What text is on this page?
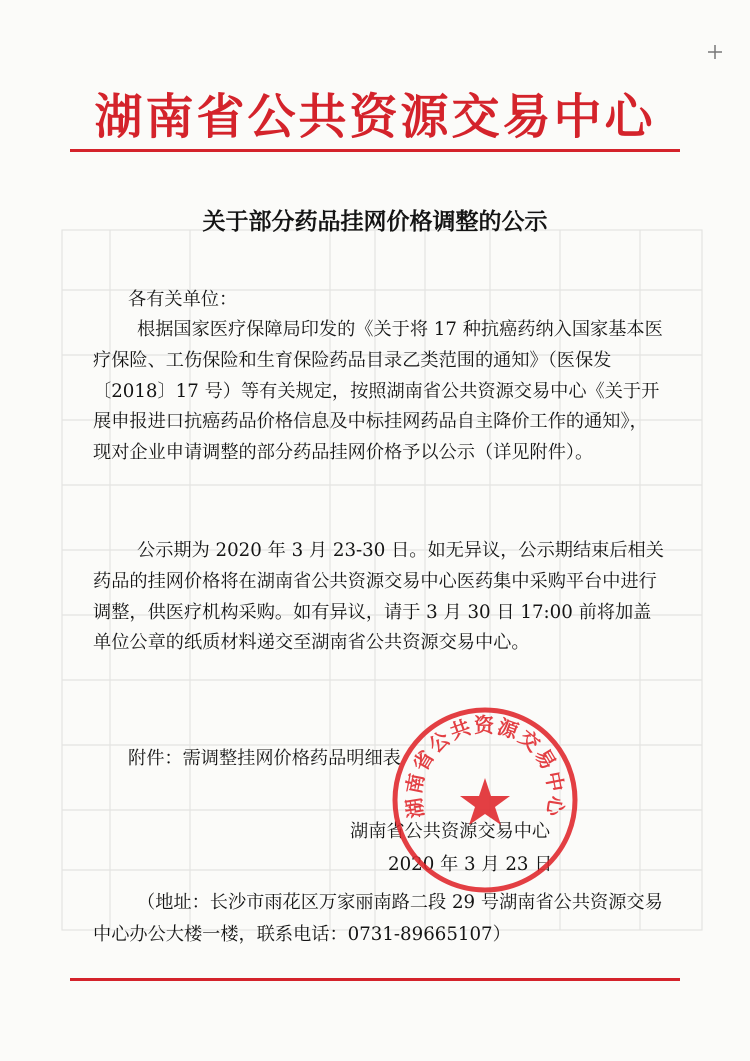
湖南省公共资源交易中心
关于部分药品挂网价格调整的公示
各有关单位：
根据国家医疗保障局印发的《关于将 17 种抗癌药纳入国家基本医疗保险、工伤保险和生育保险药品目录乙类范围的通知》（医保发〔2018〕17 号）等有关规定，按照湖南省公共资源交易中心《关于开展申报进口抗癌药品价格信息及中标挂网药品自主降价工作的通知》，现对企业申请调整的部分药品挂网价格予以公示（详见附件）。
公示期为 2020 年 3 月 23-30 日。如无异议，公示期结束后相关药品的挂网价格将在湖南省公共资源交易中心医药集中采购平台中进行调整，供医疗机构采购。如有异议，请于 3 月 30 日 17:00 前将加盖单位公章的纸质材料递交至湖南省公共资源交易中心。
附件：需调整挂网价格药品明细表
湖南省公共资源交易中心
2020 年 3 月 23 日
（地址：长沙市雨花区万家丽南路二段 29 号湖南省公共资源交易中心办公大楼一楼，联系电话：0731-89665107）
湖南省公共资源交易中心
